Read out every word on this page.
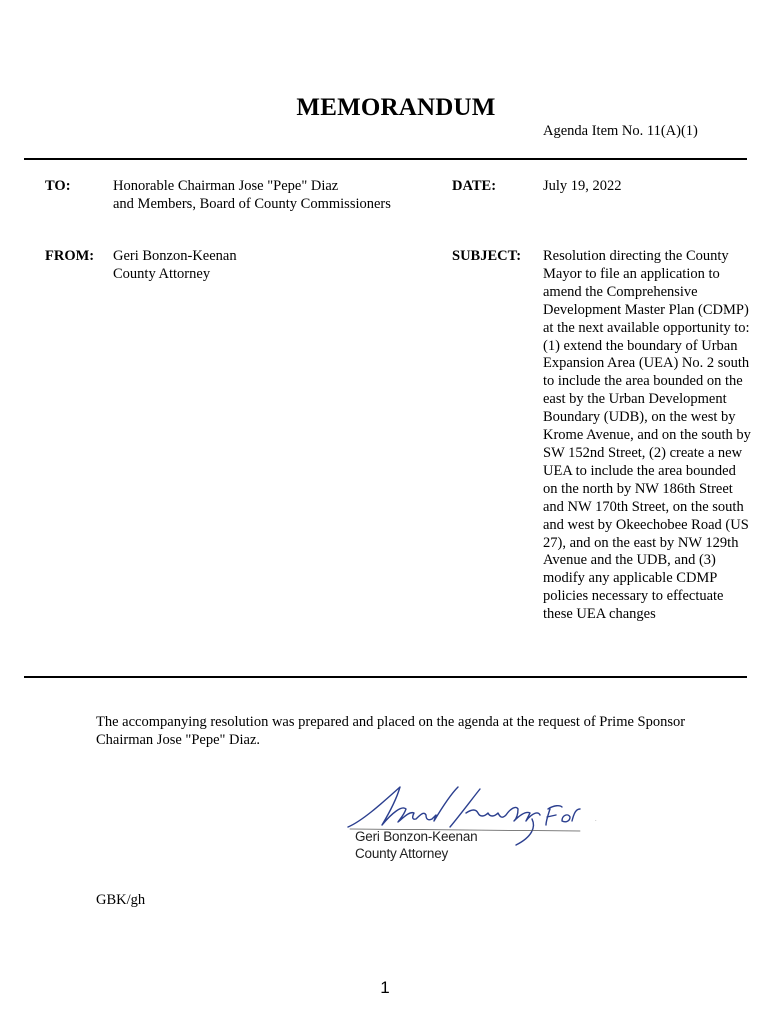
MEMORANDUM
Agenda Item No. 11(A)(1)
TO:	Honorable Chairman Jose "Pepe" Diaz
and Members, Board of County Commissioners
DATE:	July 19, 2022
FROM: Geri Bonzon-Keenan
County Attorney
SUBJECT: Resolution directing the County Mayor to file an application to amend the Comprehensive Development Master Plan (CDMP) at the next available opportunity to: (1) extend the boundary of Urban Expansion Area (UEA) No. 2 south to include the area bounded on the east by the Urban Development Boundary (UDB), on the west by Krome Avenue, and on the south by SW 152nd Street, (2) create a new UEA to include the area bounded on the north by NW 186th Street and NW 170th Street, on the south and west by Okeechobee Road (US 27), and on the east by NW 129th Avenue and the UDB, and (3) modify any applicable CDMP policies necessary to effectuate these UEA changes
The accompanying resolution was prepared and placed on the agenda at the request of Prime Sponsor Chairman Jose "Pepe" Diaz.
.
Geri Bonzon-Keenan
County Attorney
GBK/gh
1
